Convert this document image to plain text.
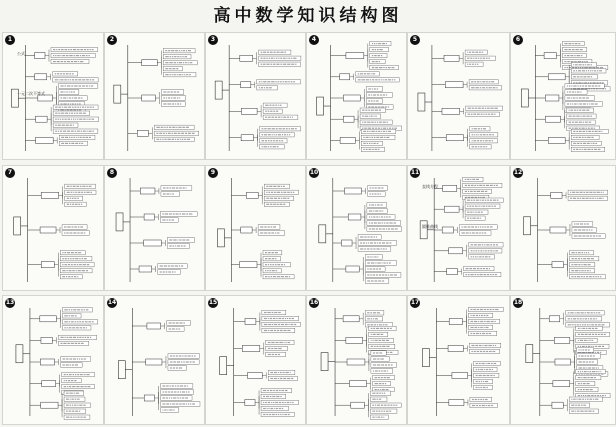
高中数学知识结构图
1
公式
一元二次不等式
2	3	4	5	6
7	8	9	10	11
直线方程
圆锥曲线
12
13	14	15	16	17	18
